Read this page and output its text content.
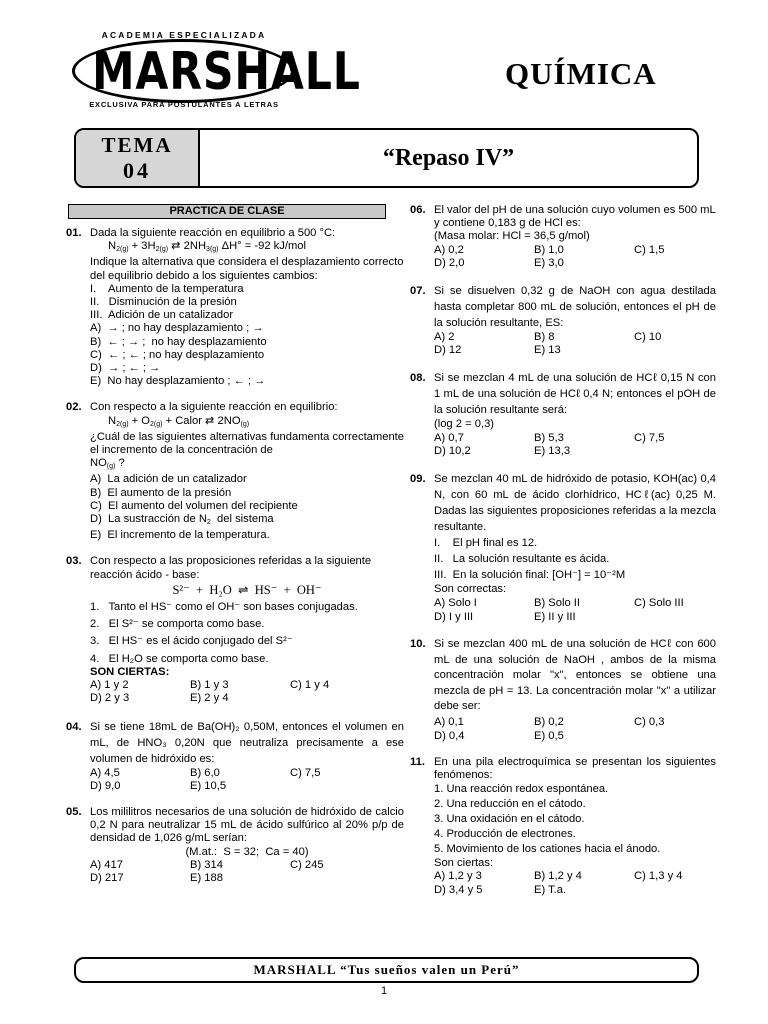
ACADEMIA ESPECIALIZADA
MARSHALL
EXCLUSIVA PARA POSTULANTES A LETRAS
QUÍMICA
TEMA
04	“Repaso IV”
PRACTICA DE CLASE
01. Dada la siguiente reacción en equilibrio a 500 °C:
$N_{2(g)} + 3H_{2(g)}$ ⇄ $2NH_{3(g)}$ ΔH° = -92 kJ/mol
Indique la alternativa que considera el desplazamiento correcto del equilibrio debido a los siguientes cambios:
I.    Aumento de la temperatura
II.   Disminución de la presión
III.  Adición de un catalizador
A)  → ; no hay desplazamiento ; →
B)  ← ; → ;  no hay desplazamiento
C)  ← ; ← ; no hay desplazamiento
D)  → ; ← ; →
E)  No hay desplazamiento ; ← ; →
02. Con respecto a la siguiente reacción en equilibrio:
$N_{2(g)} + O_{2(g)}$ + Calor ⇄ $2NO_{(g)}$
¿Cuál de las siguientes alternativas fundamenta correctamente el incremento de la concentración de
$NO_{(g)}$ ?
A)  La adición de un catalizador
B)  El aumento de la presión
C)  El aumento del volumen del recipiente
D)  La sustracción de $N_2$  del sistema
E)  El incremento de la temperatura.
03. Con respecto a las proposiciones referidas a la siguiente reacción ácido - base:
S²⁻  +  H₂O  ⇌  HS⁻  +  OH⁻
1.   Tanto el HS⁻ como el OH⁻ son bases conjugadas.
2.   El S²⁻ se comporta como base.
3.   El HS⁻ es el ácido conjugado del S²⁻
4.   El H₂O se comporta como base.
SON CIERTAS:
A) 1 y 2	B) 1 y 3	C) 1 y 4
D) 2 y 3	E) 2 y 4
04. Si se tiene 18mL de Ba(OH)₂ 0,50M, entonces el volumen en mL, de HNO₃ 0,20N que neutraliza precisamente a ese volumen de hidróxido es:
A) 4,5	B) 6,0	C) 7,5
D) 9,0	E) 10,5
05. Los mililitros necesarios de una solución de hidróxido de calcio 0,2 N para neutralizar 15 mL de ácido sulfúrico al 20% p/p de densidad de 1,026 g/mL serían:
(M.at.:  S = 32;  Ca = 40)
A) 417	B) 314	C) 245
D) 217	E) 188
06. El valor del pH de una solución cuyo volumen es 500 mL y contiene 0,183 g de HCl es:
(Masa molar: HCl = 36,5 g/mol)
A) 0,2	B) 1,0	C) 1,5
D) 2,0	E) 3,0
07. Si se disuelven 0,32 g de NaOH con agua destilada hasta completar 800 mL de solución, entonces el pH de la solución resultante, ES:
A) 2	B) 8	C) 10
D) 12	E) 13
08. Si se mezclan 4 mL de una solución de HCℓ 0,15 N con 1 mL de una solución de HCℓ 0,4 N; entonces el pOH de la solución resultante será:
(log 2 = 0,3)
A) 0,7	B) 5,3	C) 7,5
D) 10,2	E) 13,3
09. Se mezclan 40 mL de hidróxido de potasio, KOH(ac) 0,4 N, con 60 mL de ácido clorhídrico, HCℓ(ac) 0,25 M. Dadas las siguientes proposiciones referidas a la mezcla resultante.
I.    El pH final es 12.
II.   La solución resultante es ácida.
III.  En la solución final: [OH⁻] = 10⁻²M
Son correctas:
A) Solo I	B) Solo II	C) Solo III
D) I y III	E) II y III
10. Si se mezclan 400 mL de una solución de HCℓ con 600 mL de una solución de NaOH , ambos de la misma concentración molar "x", entonces se obtiene una mezcla de pH = 13. La concentración molar "x" a utilizar debe ser:
A) 0,1	B) 0,2	C) 0,3
D) 0,4	E) 0,5
11. En una pila electroquímica se presentan los siguientes fenómenos:
1. Una reacción redox espontánea.
2. Una reducción en el cátodo.
3. Una oxidación en el cátodo.
4. Producción de electrones.
5. Movimiento de los cationes hacia el ánodo.
Son ciertas:
A) 1,2 y 3	B) 1,2 y 4	C) 1,3 y 4
D) 3,4 y 5	E) T.a.
MARSHALL “Tus sueños valen un Perú”
1
